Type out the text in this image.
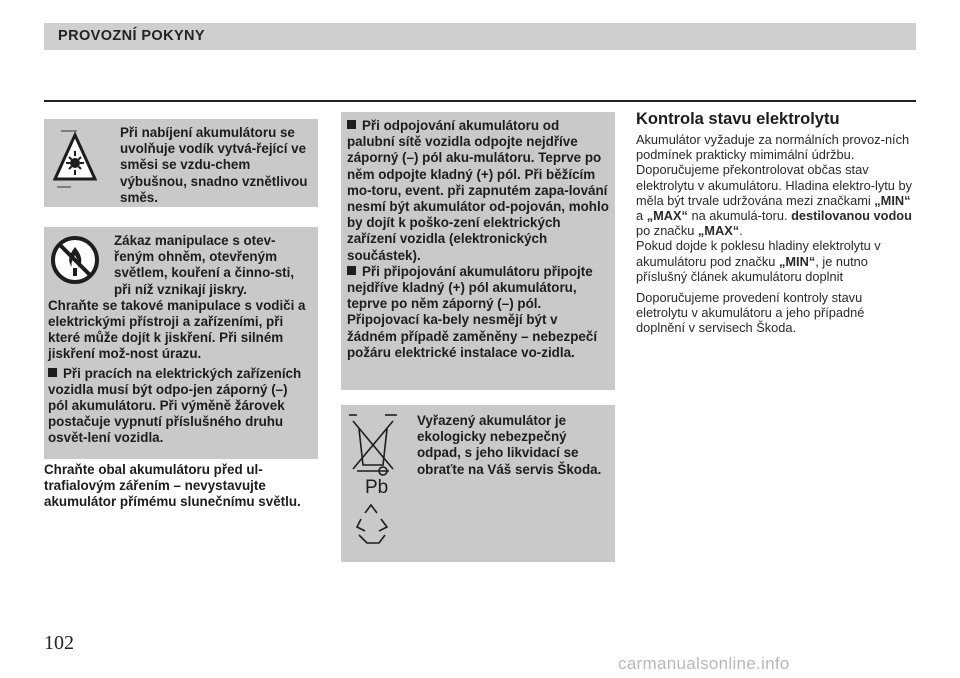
PROVOZNÍ POKYNY
Při nabíjení akumulátoru se uvolňuje vodík vytvá-řející ve směsi se vzdu-chem výbušnou, snadno vznětlivou směs.
Zákaz manipulace s otev-řeným ohněm, otevřeným světlem, kouření a činno-sti, při níž vznikají jiskry.
Chraňte se takové manipulace s vodiči a elektrickými přístroji a zařízeními, při které může dojít k jiskření. Při silném jiskření mož-nost úrazu.
Při pracích na elektrických zařízeních vozidla musí být odpo-jen záporný (–) pól akumulátoru. Při výměně žárovek postačuje vypnutí příslušného druhu osvět-lení vozidla.
Chraňte obal akumulátoru před ul-trafialovým zářením – nevystavujte akumulátor přímému slunečnímu světlu.
Při odpojování akumulátoru od palubní sítě vozidla odpojte nejdříve záporný (–) pól aku-mulátoru. Teprve po něm odpojte kladný (+) pól. Při běžícím mo-toru, event. při zapnutém zapa-lování nesmí být akumulátor od-pojován, mohlo by dojít k poško-zení elektrických zařízení vozidla (elektronických součástek).
Při připojování akumulátoru připojte nejdříve kladný (+) pól akumulátoru, teprve po něm záporný (–) pól. Připojovací ka-bely nesmějí být v žádném případě zaměněny – nebezpečí požáru elektrické instalace vo-zidla.
Pb
Vyřazený akumulátor je ekologicky nebezpečný odpad, s jeho likvidací se obraťte na Váš servis Škoda.
Kontrola stavu elektrolytu
Akumulátor vyžaduje za normálních provoz-ních podmínek prakticky mimimální údržbu. Doporučujeme překontrolovat občas stav elektrolytu v akumulátoru. Hladina elektro-lytu by měla být trvale udržována mezi značkami „MIN“ a „MAX“ na akumulá-toru. destilovanou vodou po značku „MAX“.
Pokud dojde k poklesu hladiny elektrolytu v akumulátoru pod značku „MIN“, je nutno příslušný článek akumulátoru doplnit
Doporučujeme provedení kontroly stavu eletrolytu v akumulátoru a jeho případné doplnění v servisech Škoda.
102
carmanualsonline.info
